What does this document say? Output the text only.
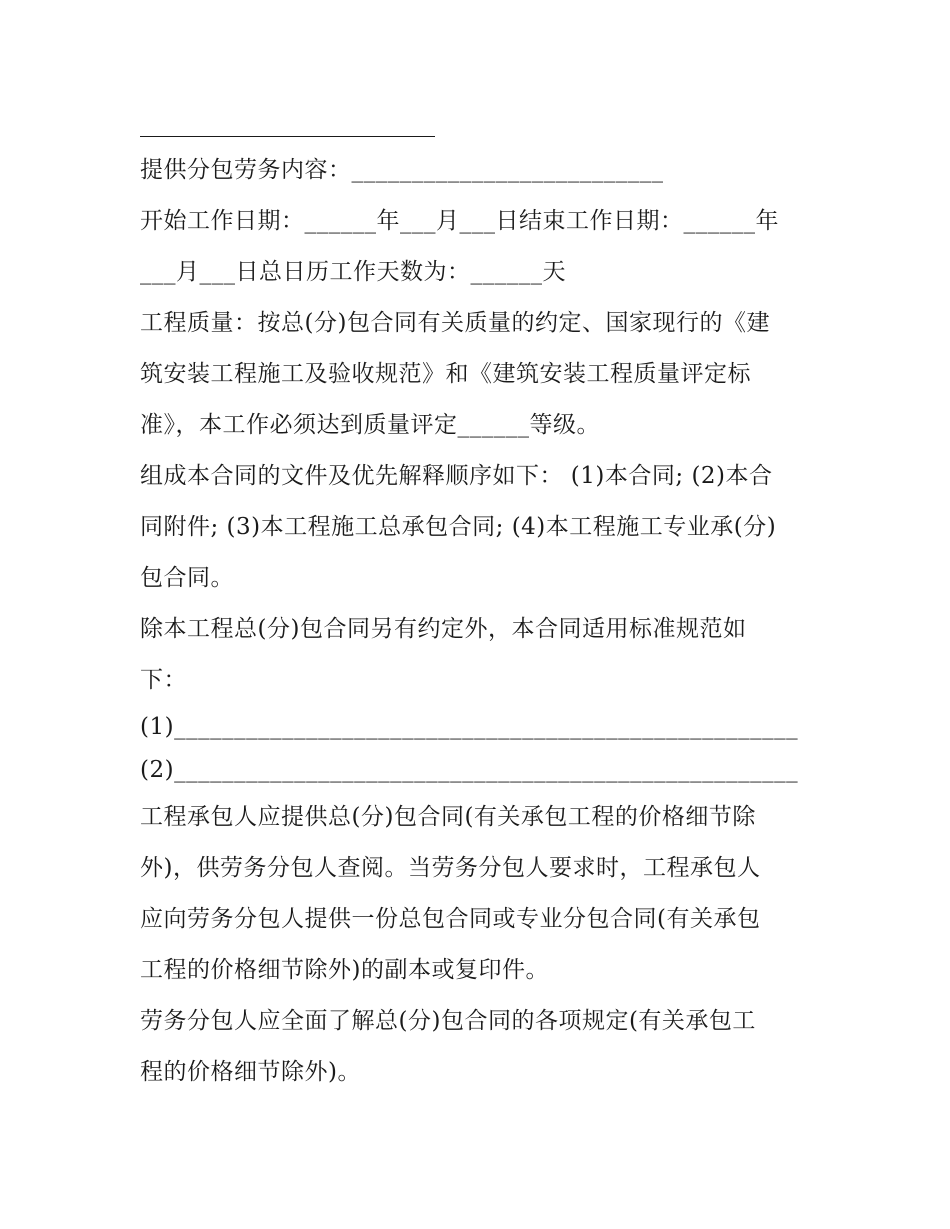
提供分包劳务内容：__________________________
开始工作日期：______年___月___日结束工作日期：______年
___月___日总日历工作天数为：______天
工程质量：按总(分)包合同有关质量的约定、国家现行的《建
筑安装工程施工及验收规范》和《建筑安装工程质量评定标
准》，本工作必须达到质量评定______等级。
组成本合同的文件及优先解释顺序如下： (1)本合同; (2)本合
同附件; (3)本工程施工总承包合同; (4)本工程施工专业承(分)
包合同。
除本工程总(分)包合同另有约定外，本合同适用标准规范如
下：
(1)____________________________________________________
(2)____________________________________________________
工程承包人应提供总(分)包合同(有关承包工程的价格细节除
外)，供劳务分包人查阅。当劳务分包人要求时，工程承包人
应向劳务分包人提供一份总包合同或专业分包合同(有关承包
工程的价格细节除外)的副本或复印件。
劳务分包人应全面了解总(分)包合同的各项规定(有关承包工
程的价格细节除外)。
